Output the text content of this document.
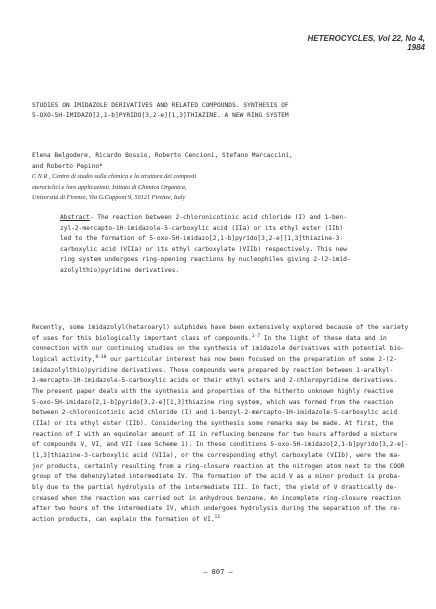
HETEROCYCLES, Vol 22, No 4, 1984
STUDIES ON IMIDAZOLE DERIVATIVES AND RELATED COMPOUNDS. SYNTHESIS OF
5-OXO-5H-IMIDAZO[2,1-b]PYRIDO[3,2-e][1,3]THIAZINE. A NEW RING SYSTEM
Elena Belgodere, Ricardo Bossio, Roberto Cencioni, Stefano Marcaccini,
and Roberto Pepino*
C N R , Centro di studio sulla chimica e la struttura dei composti
eterociclici e loro applicazioni. Istituto di Chimica Organica,
Università di Firenze, Via G.Capponi 9, 50121 Firenze, Italy
Abstract- The reaction between 2-chloronicotinic acid chloride (I) and 1-ben-
zyl-2-mercapto-1H-imidazole-5-carboxylic acid (IIa) or its ethyl ester (IIb)
led to the formation of 5-oxo-5H-imidazo[2,1-b]pyrido[3,2-e][1,3]thiazine-3-
carboxylic acid (VIIa) or its ethyl carboxylate (VIIb) respectively. This new
ring system undergoes ring-opening reactions by nucleophiles giving 2-(2-imid-
azolylthio)pyridine derivatives.
Recently, some imidazolyl(hetaroaryl) sulphides have been extensively explored because of the variety
of uses for this biologically important class of compounds.$^{1-7}$ In the light of these data and in
connection with our continuing studies on the synthesis of imidazole derivatives with potential bio-
logical activity,$^{8-10}$ our particular interest has now been focused on the preparation of some 2-(2-
imidazolylthio)pyridine derivatives. Those compounds were prepared by reaction between 1-aralkyl-
2-mercapto-1H-imidazole-5-carboxylic acids or their ethyl esters and 2-chloropyridine derivatives.
The present paper deals with the synthesis and properties of the hitherto unknown highly reactive
5-oxo-5H-imidazo[2,1-b]pyrido[3,2-e][1,3]thiazine ring system, which was formed from the reaction
between 2-chloronicotinic acid chloride (I) and 1-benzyl-2-mercapto-1H-imidazole-5-carboxylic acid
(IIa) or its ethyl ester (IIb). Considering the synthesis some remarks may be made. At first, the
reaction of I with an equimolar amount of II in refluxing benzene for two hours afforded a mixture
of compounds V, VI, and VII (see Scheme 1). In these conditions 5-oxo-5H-imidazo[2,1-b]pyrido[3,2-e]-
[1,3]thiazine-3-carboxylic acid (VIIa), or the corresponding ethyl carboxylate (VIIb), were the ma-
jor products, certainly resulting from a ring-closure reaction at the nitrogen atom next to the COOR
group of the dehenzylated intermediate IV. The formation of the acid V as a minor product is proba-
bly due to the partial hydrolysis of the intermediate III. In fact, the yield of V drastically de-
creased when the reaction was carried out in anhydrous benzene. An incomplete ring-closure reaction
after two hours of the intermediate IV, which undergoes hydrolysis during the separation of the re-
action products, can explain the formation of VI.$^{11}$
— 807 —
